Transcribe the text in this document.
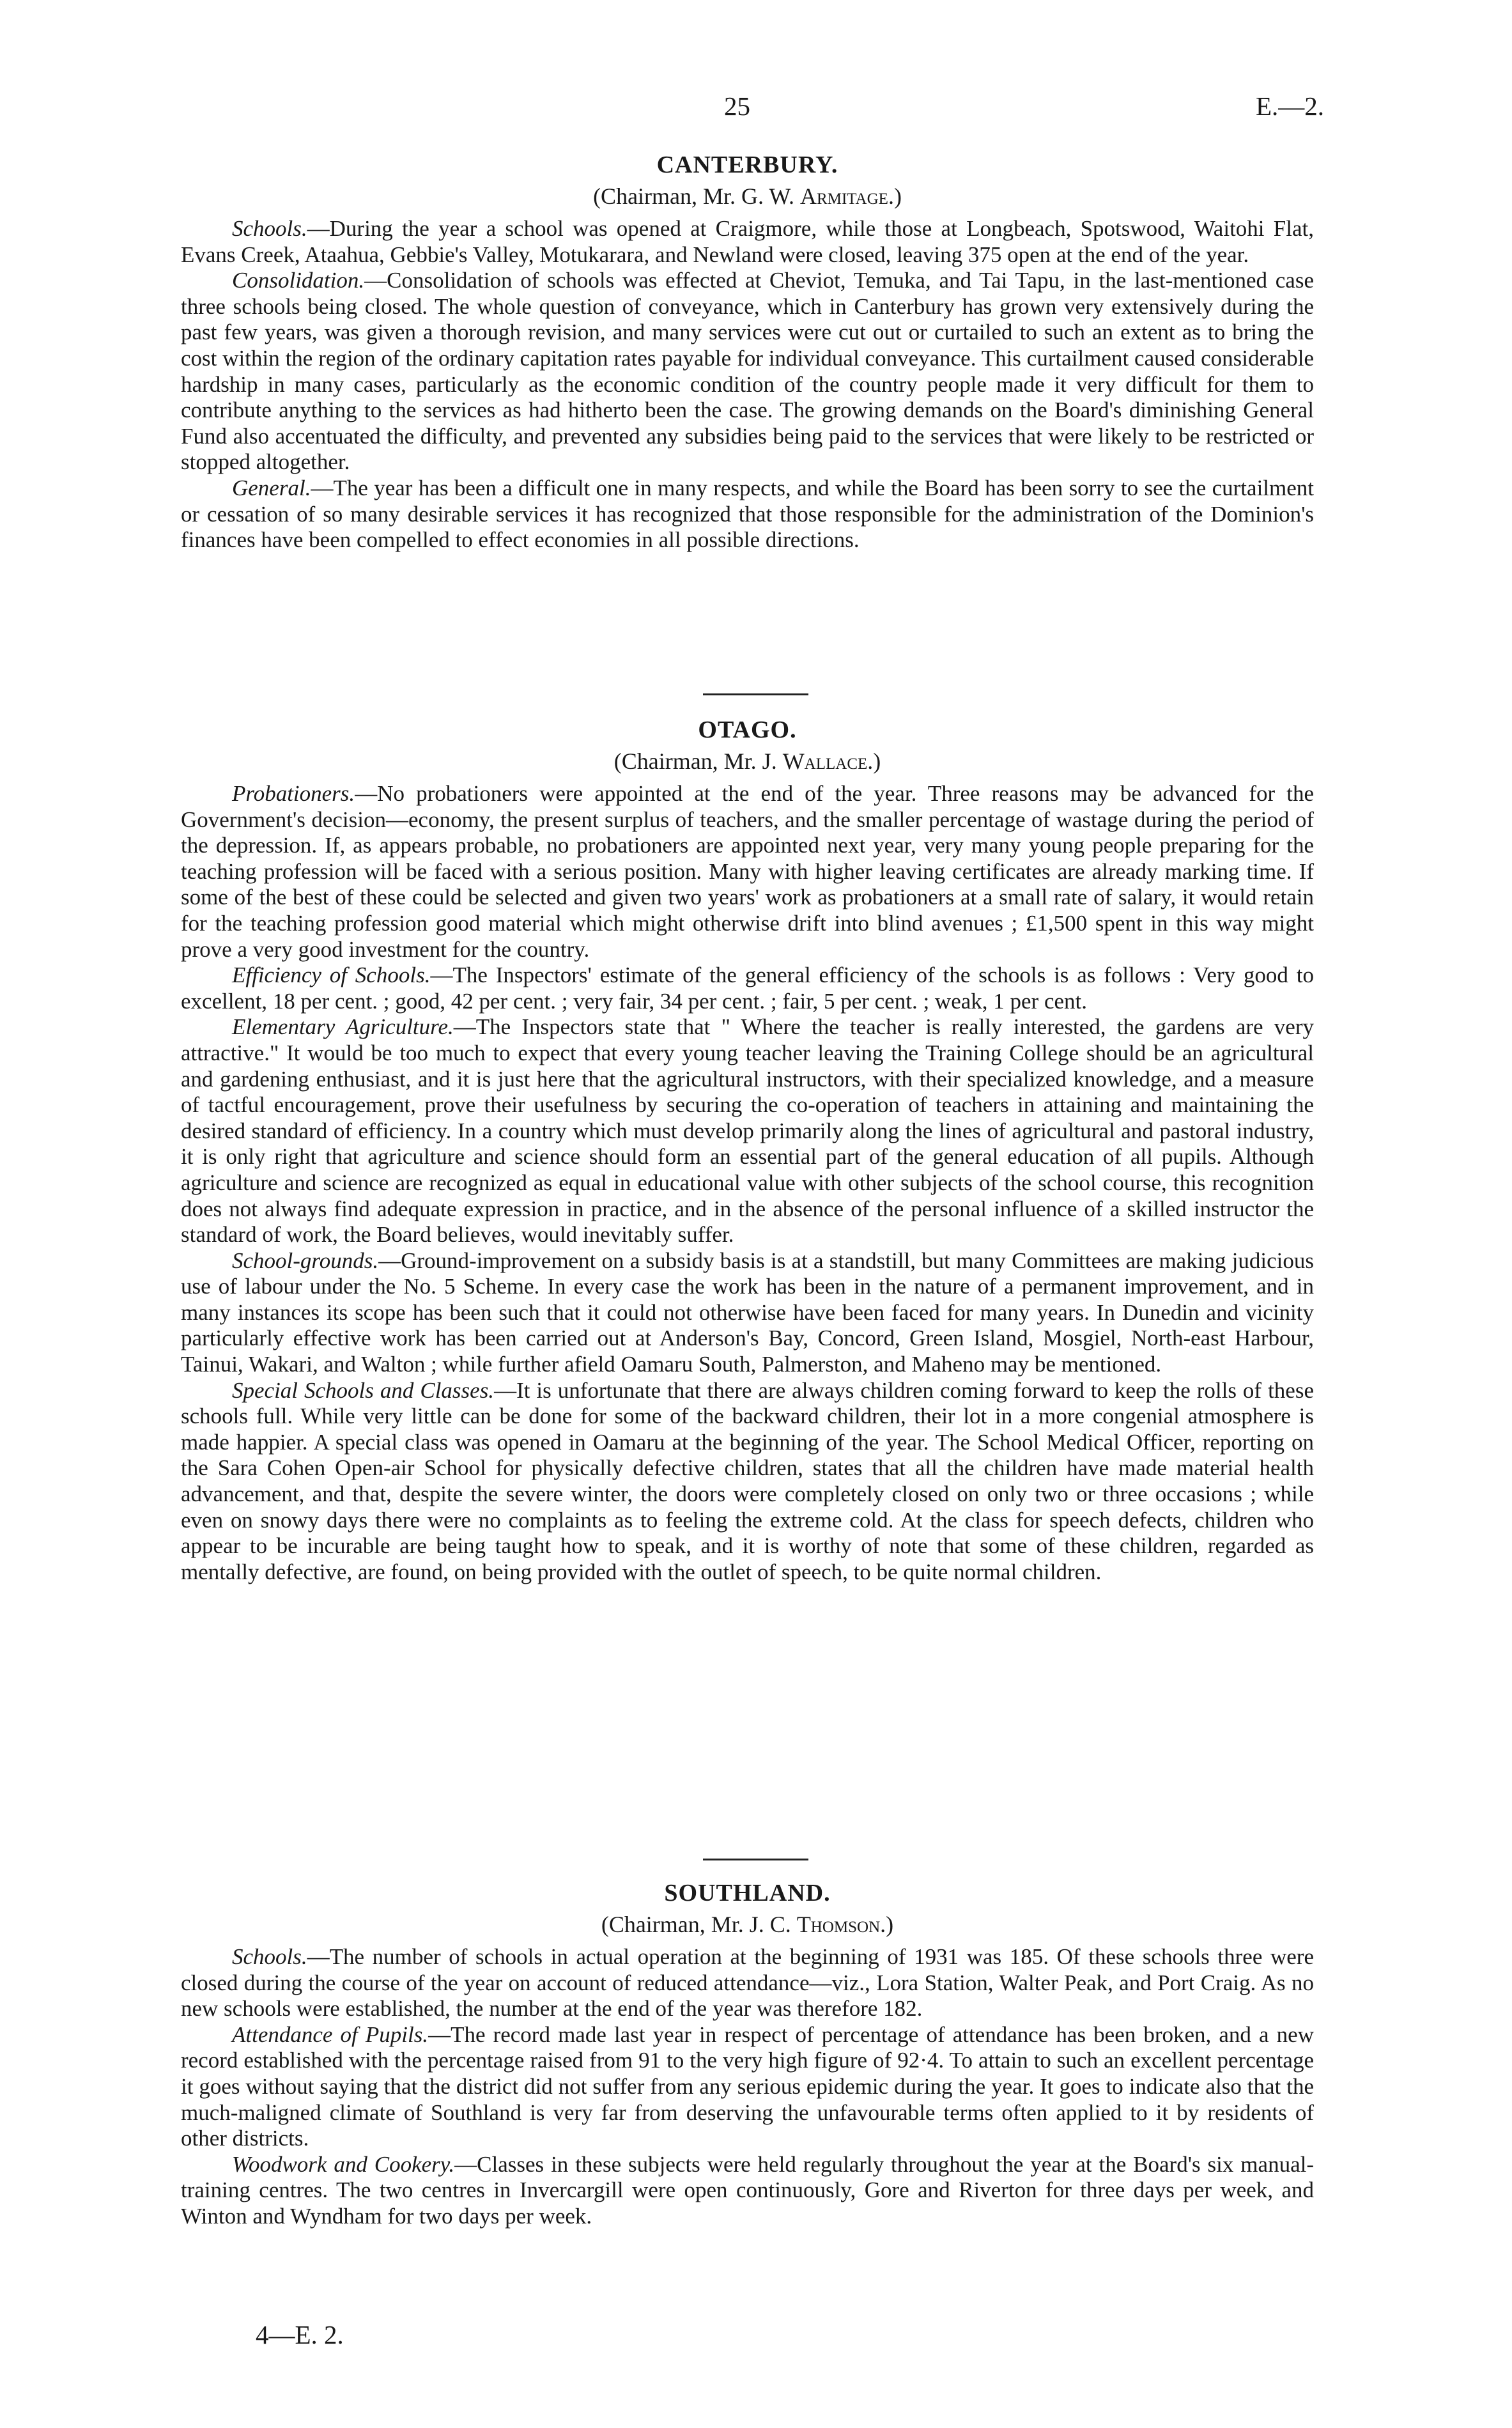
25	E.—2.
CANTERBURY.
(Chairman, Mr. G. W. Armitage.)

Schools.—During the year a school was opened at Craigmore, while those at Longbeach, Spotswood, Waitohi Flat, Evans Creek, Ataahua, Gebbie's Valley, Motukarara, and Newland were closed, leaving 375 open at the end of the year.

Consolidation.—Consolidation of schools was effected at Cheviot, Temuka, and Tai Tapu, in the last-mentioned case three schools being closed. The whole question of conveyance, which in Canterbury has grown very extensively during the past few years, was given a thorough revision, and many services were cut out or curtailed to such an extent as to bring the cost within the region of the ordinary capitation rates payable for individual conveyance. This curtailment caused considerable hardship in many cases, particularly as the economic condition of the country people made it very difficult for them to contribute anything to the services as had hitherto been the case. The growing demands on the Board's diminishing General Fund also accentuated the difficulty, and prevented any subsidies being paid to the services that were likely to be restricted or stopped altogether.

General.—The year has been a difficult one in many respects, and while the Board has been sorry to see the curtailment or cessation of so many desirable services it has recognized that those responsible for the administration of the Dominion's finances have been compelled to effect economies in all possible directions.

OTAGO.
(Chairman, Mr. J. Wallace.)

Probationers.—No probationers were appointed at the end of the year. Three reasons may be advanced for the Government's decision—economy, the present surplus of teachers, and the smaller percentage of wastage during the period of the depression. If, as appears probable, no probationers are appointed next year, very many young people preparing for the teaching profession will be faced with a serious position. Many with higher leaving certificates are already marking time. If some of the best of these could be selected and given two years' work as probationers at a small rate of salary, it would retain for the teaching profession good material which might otherwise drift into blind avenues ; £1,500 spent in this way might prove a very good investment for the country.

Efficiency of Schools.—The Inspectors' estimate of the general efficiency of the schools is as follows : Very good to excellent, 18 per cent. ; good, 42 per cent. ; very fair, 34 per cent. ; fair, 5 per cent. ; weak, 1 per cent.

Elementary Agriculture.—The Inspectors state that " Where the teacher is really interested, the gardens are very attractive." It would be too much to expect that every young teacher leaving the Training College should be an agricultural and gardening enthusiast, and it is just here that the agricultural instructors, with their specialized knowledge, and a measure of tactful encouragement, prove their usefulness by securing the co-operation of teachers in attaining and maintaining the desired standard of efficiency. In a country which must develop primarily along the lines of agricultural and pastoral industry, it is only right that agriculture and science should form an essential part of the general education of all pupils. Although agriculture and science are recognized as equal in educational value with other subjects of the school course, this recognition does not always find adequate expression in practice, and in the absence of the personal influence of a skilled instructor the standard of work, the Board believes, would inevitably suffer.

School-grounds.—Ground-improvement on a subsidy basis is at a standstill, but many Committees are making judicious use of labour under the No. 5 Scheme. In every case the work has been in the nature of a permanent improvement, and in many instances its scope has been such that it could not otherwise have been faced for many years. In Dunedin and vicinity particularly effective work has been carried out at Anderson's Bay, Concord, Green Island, Mosgiel, North-east Harbour, Tainui, Wakari, and Walton ; while further afield Oamaru South, Palmerston, and Maheno may be mentioned.

Special Schools and Classes.—It is unfortunate that there are always children coming forward to keep the rolls of these schools full. While very little can be done for some of the backward children, their lot in a more congenial atmosphere is made happier. A special class was opened in Oamaru at the beginning of the year. The School Medical Officer, reporting on the Sara Cohen Open-air School for physically defective children, states that all the children have made material health advancement, and that, despite the severe winter, the doors were completely closed on only two or three occasions ; while even on snowy days there were no complaints as to feeling the extreme cold. At the class for speech defects, children who appear to be incurable are being taught how to speak, and it is worthy of note that some of these children, regarded as mentally defective, are found, on being provided with the outlet of speech, to be quite normal children.

SOUTHLAND.
(Chairman, Mr. J. C. Thomson.)

Schools.—The number of schools in actual operation at the beginning of 1931 was 185. Of these schools three were closed during the course of the year on account of reduced attendance—viz., Lora Station, Walter Peak, and Port Craig. As no new schools were established, the number at the end of the year was therefore 182.

Attendance of Pupils.—The record made last year in respect of percentage of attendance has been broken, and a new record established with the percentage raised from 91 to the very high figure of 92·4. To attain to such an excellent percentage it goes without saying that the district did not suffer from any serious epidemic during the year. It goes to indicate also that the much-maligned climate of Southland is very far from deserving the unfavourable terms often applied to it by residents of other districts.

Woodwork and Cookery.—Classes in these subjects were held regularly throughout the year at the Board's six manual-training centres. The two centres in Invercargill were open continuously, Gore and Riverton for three days per week, and Winton and Wyndham for two days per week.

4—E. 2.
